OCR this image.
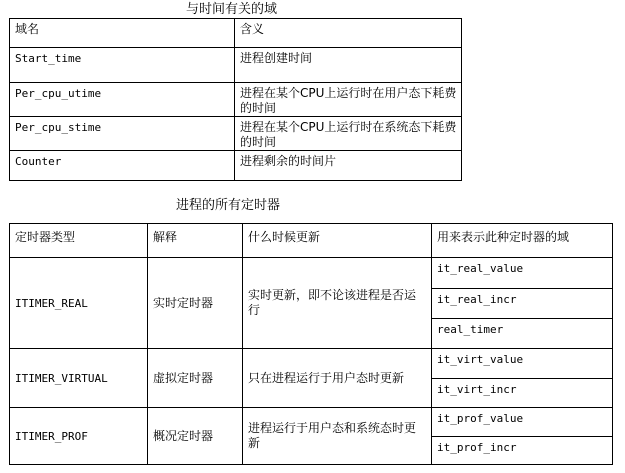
与时间有关的域
域名	含义
Start_time	进程创建时间
Per_cpu_utime	进程在某个CPU上运行时在用户态下耗费的时间
Per_cpu_stime	进程在某个CPU上运行时在系统态下耗费的时间
Counter	进程剩余的时间片
进程的所有定时器
定时器类型	解释	什么时候更新	用来表示此种定时器的域
ITIMER_REAL	实时定时器	实时更新，即不论该进程是否运行	it_real_value
it_real_incr
real_timer

ITIMER_VIRTUAL	虚拟定时器	只在进程运行于用户态时更新	it_virt_value
it_virt_incr

ITIMER_PROF	概况定时器	进程运行于用户态和系统态时更新	it_prof_value
it_prof_incr
